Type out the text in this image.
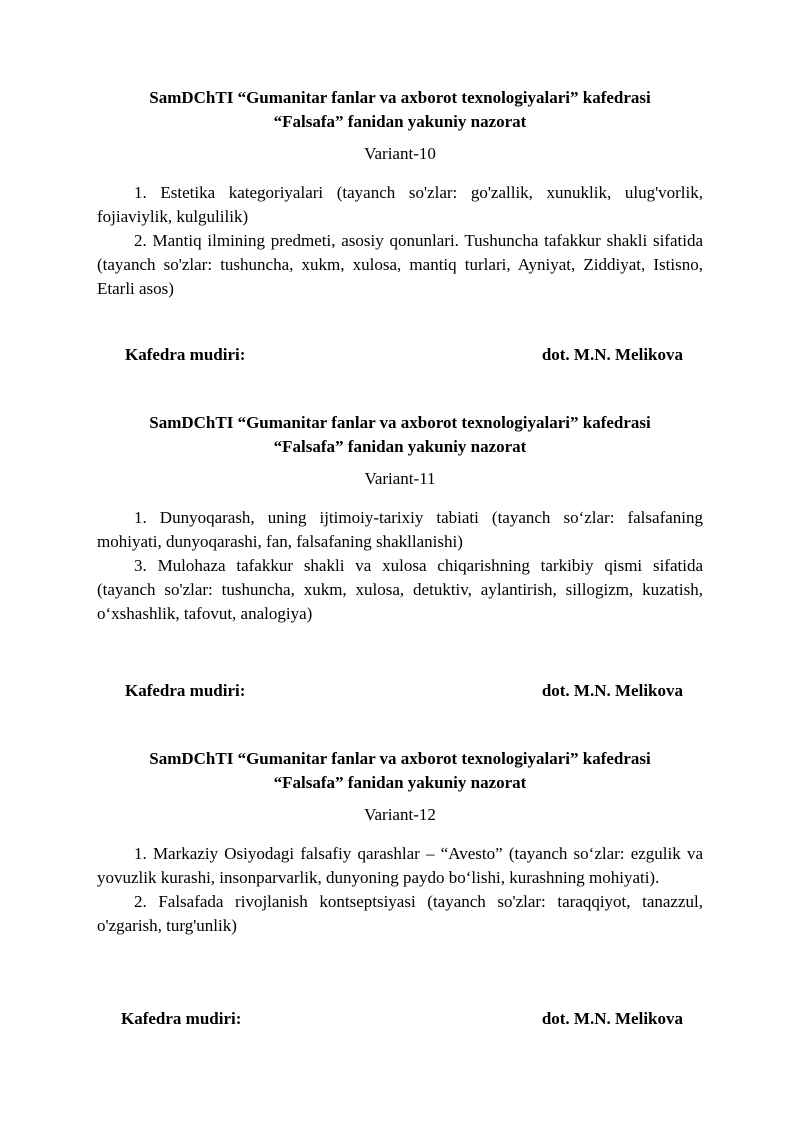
SamDChTI “Gumanitar fanlar va axborot texnologiyalari” kafedrasi
“Falsafa” fanidan yakuniy nazorat
Variant-10
1. Estetika kategoriyalari (tayanch so'zlar: go'zallik, xunuklik, ulug'vorlik, fojiaviylik, kulgulilik)
2. Mantiq ilmining predmeti, asosiy qonunlari. Tushuncha tafakkur shakli sifatida (tayanch so'zlar: tushuncha, xukm, xulosa, mantiq turlari, Ayniyat, Ziddiyat, Istisno, Etarli asos)
Kafedra mudiri:	dot. M.N. Melikova
SamDChTI “Gumanitar fanlar va axborot texnologiyalari” kafedrasi
“Falsafa” fanidan yakuniy nazorat
Variant-11
1. Dunyoqarash, uning ijtimoiy-tarixiy tabiati (tayanch so‘zlar: falsafaning mohiyati, dunyoqarashi, fan, falsafaning shakllanishi)
3. Mulohaza tafakkur shakli va xulosa chiqarishning tarkibiy qismi sifatida (tayanch so'zlar: tushuncha, xukm, xulosa, detuktiv, aylantirish, sillogizm, kuzatish, o‘xshashlik, tafovut, analogiya)
Kafedra mudiri:	dot. M.N. Melikova
SamDChTI “Gumanitar fanlar va axborot texnologiyalari” kafedrasi
“Falsafa” fanidan yakuniy nazorat
Variant-12
1. Markaziy Osiyodagi falsafiy qarashlar – “Avesto” (tayanch so‘zlar: ezgulik va yovuzlik kurashi, insonparvarlik, dunyoning paydo bo‘lishi, kurashning mohiyati).
2. Falsafada rivojlanish kontseptsiyasi (tayanch so'zlar: taraqqiyot, tanazzul, o'zgarish, turg'unlik)
Kafedra mudiri:	dot. M.N. Melikova
